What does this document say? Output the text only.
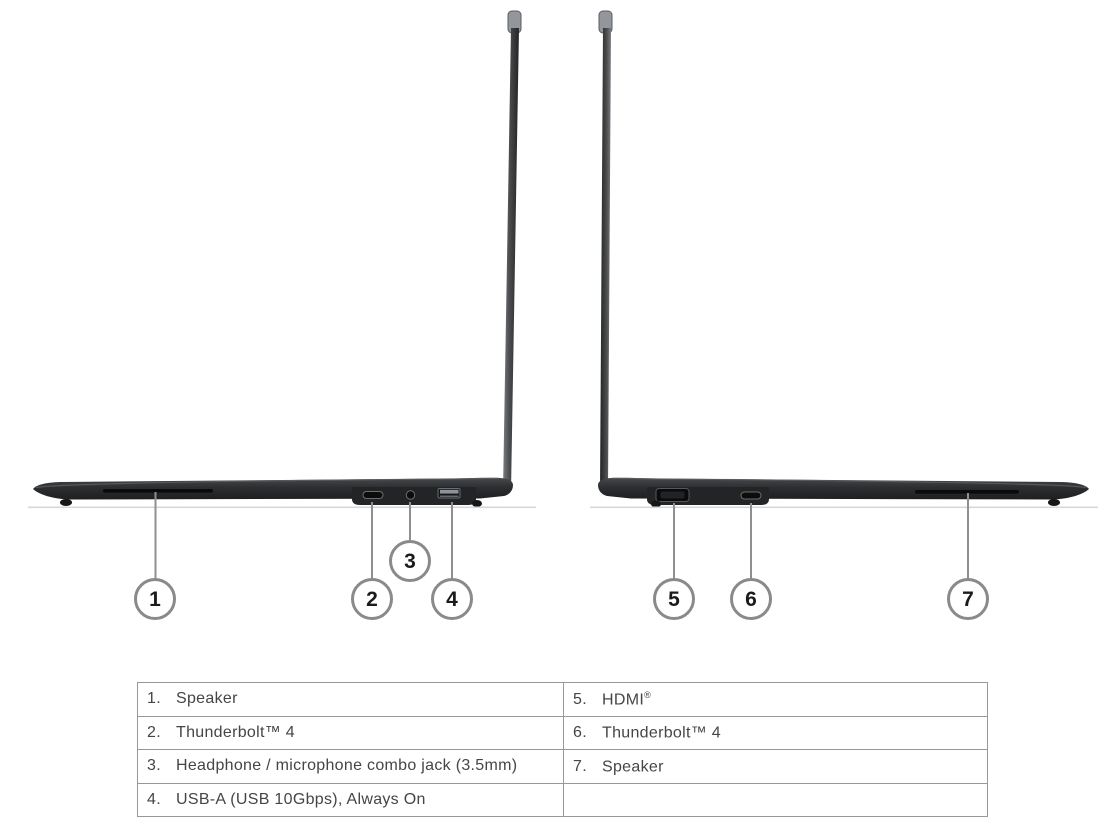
1	2
3
4	5	6	7
1. Speaker	5. HDMI®
2. Thunderbolt™ 4	6. Thunderbolt™ 4
3. Headphone / microphone combo jack (3.5mm)	7. Speaker
4. USB-A (USB 10Gbps), Always On	
